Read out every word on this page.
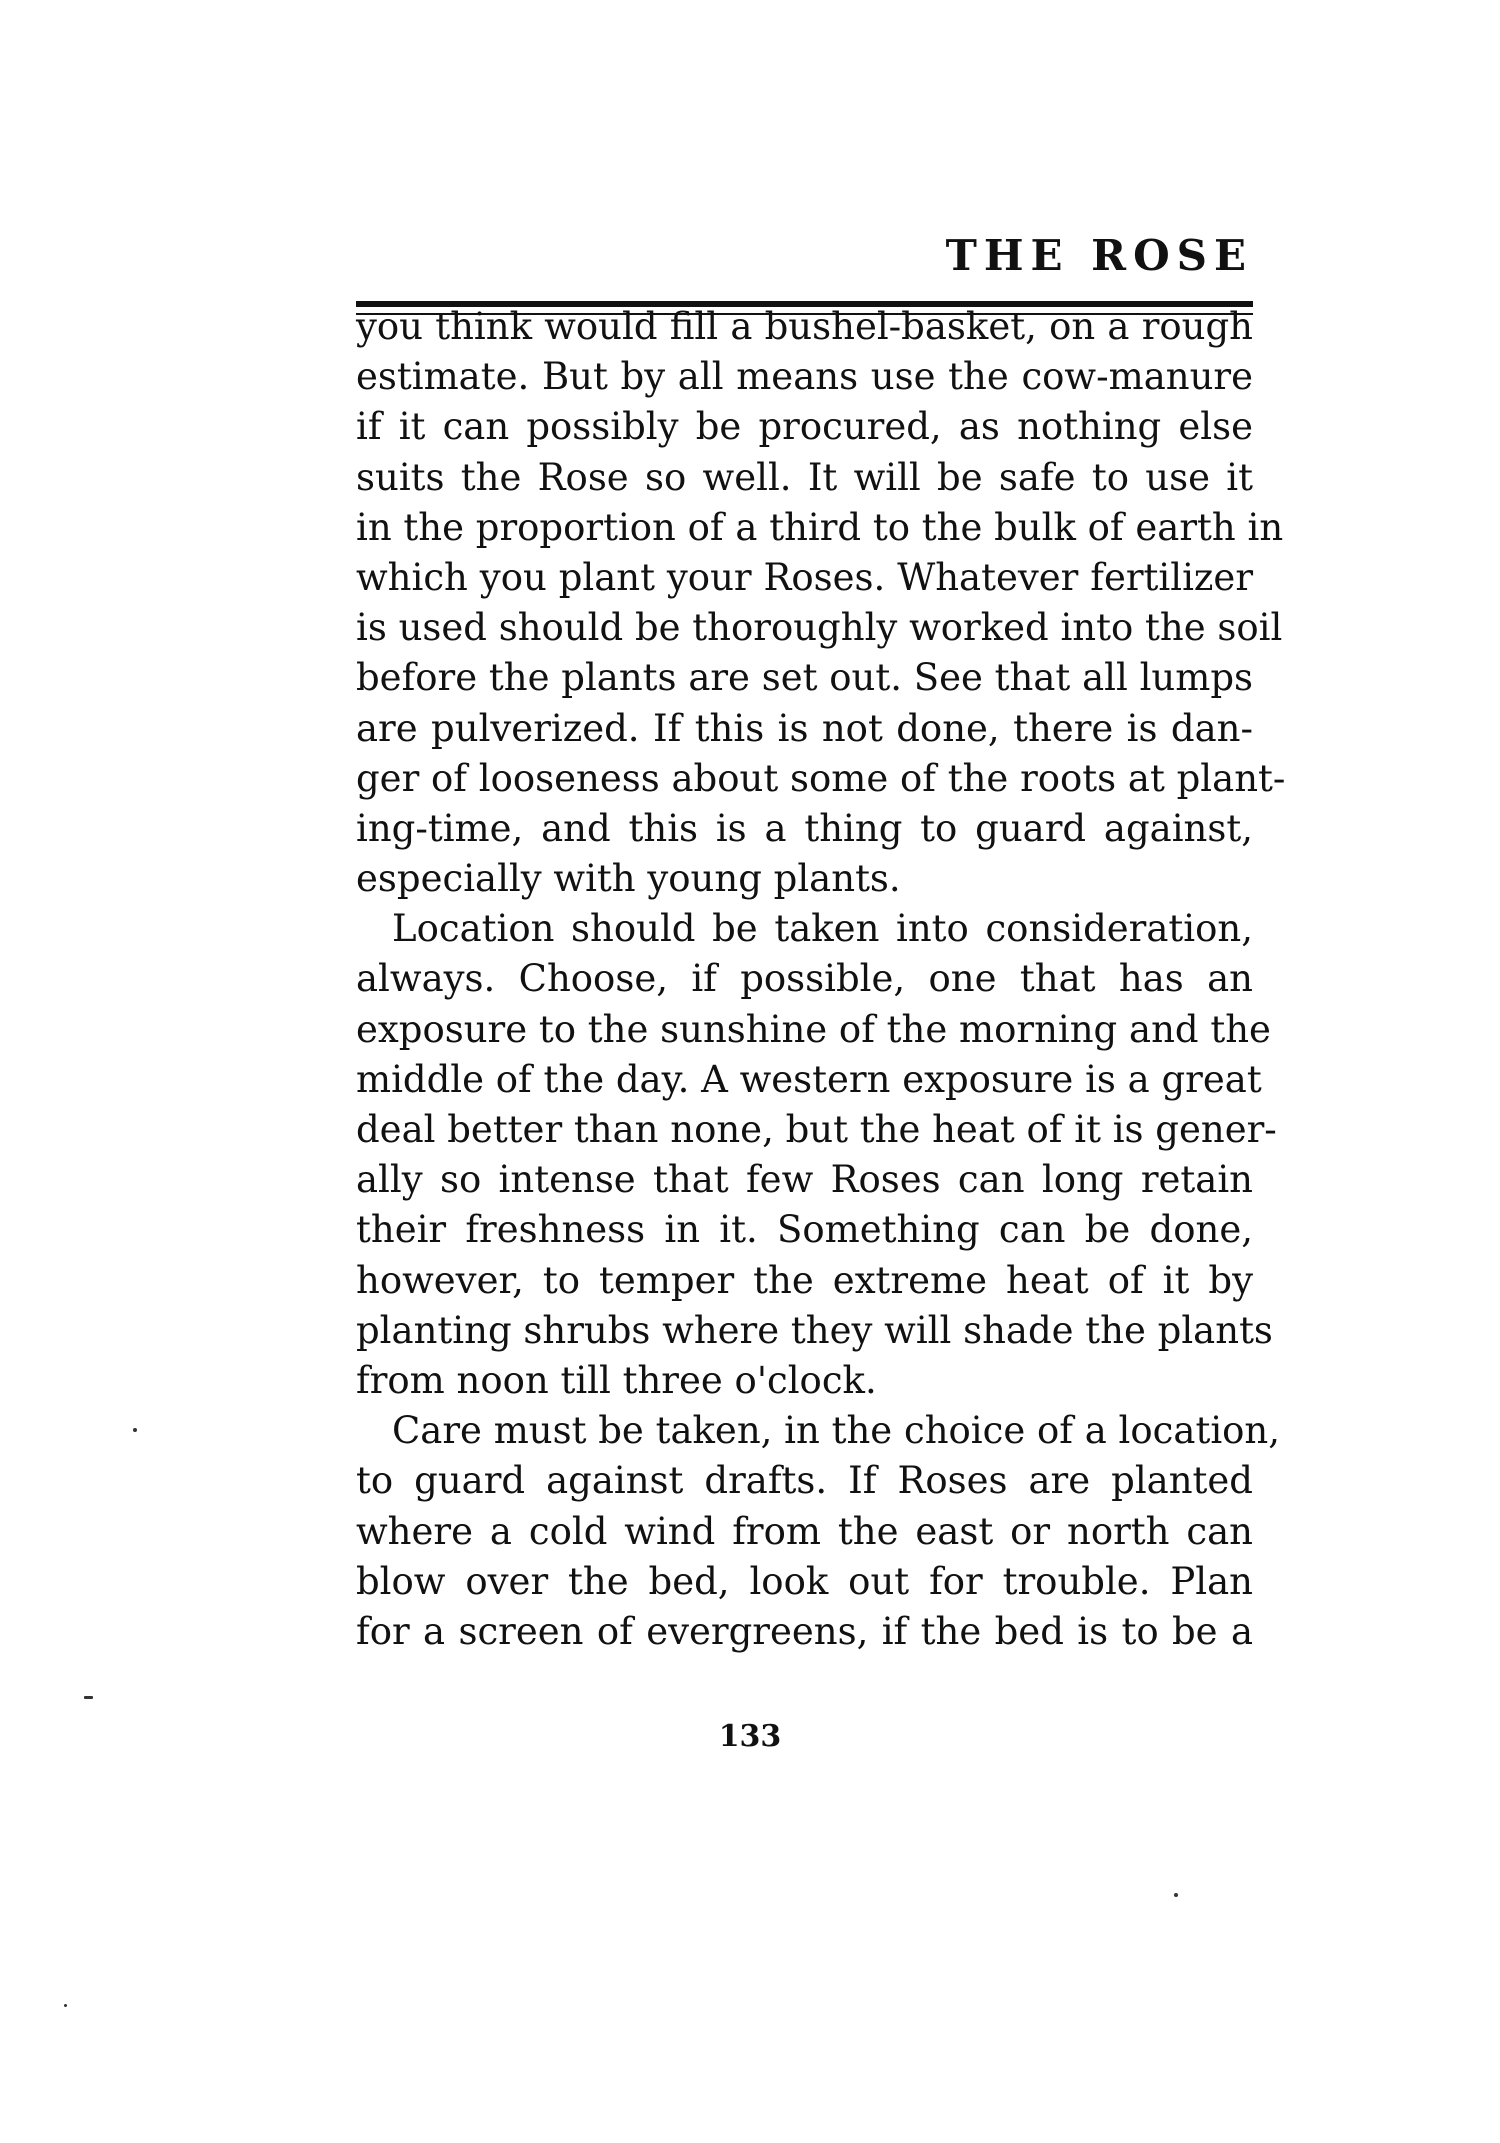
THE ROSE
you think would fill a bushel-basket, on a rough
estimate. But by all means use the cow-manure
if it can possibly be procured, as nothing else
suits the Rose so well. It will be safe to use it
in the proportion of a third to the bulk of earth in
which you plant your Roses. Whatever fertilizer
is used should be thoroughly worked into the soil
before the plants are set out. See that all lumps
are pulverized. If this is not done, there is dan-
ger of looseness about some of the roots at plant-
ing-time, and this is a thing to guard against,
especially with young plants.
Location should be taken into consideration,
always. Choose, if possible, one that has an
exposure to the sunshine of the morning and the
middle of the day. A western exposure is a great
deal better than none, but the heat of it is gener-
ally so intense that few Roses can long retain
their freshness in it. Something can be done,
however, to temper the extreme heat of it by
planting shrubs where they will shade the plants
from noon till three o'clock.
Care must be taken, in the choice of a location,
to guard against drafts. If Roses are planted
where a cold wind from the east or north can
blow over the bed, look out for trouble. Plan
for a screen of evergreens, if the bed is to be a
133
